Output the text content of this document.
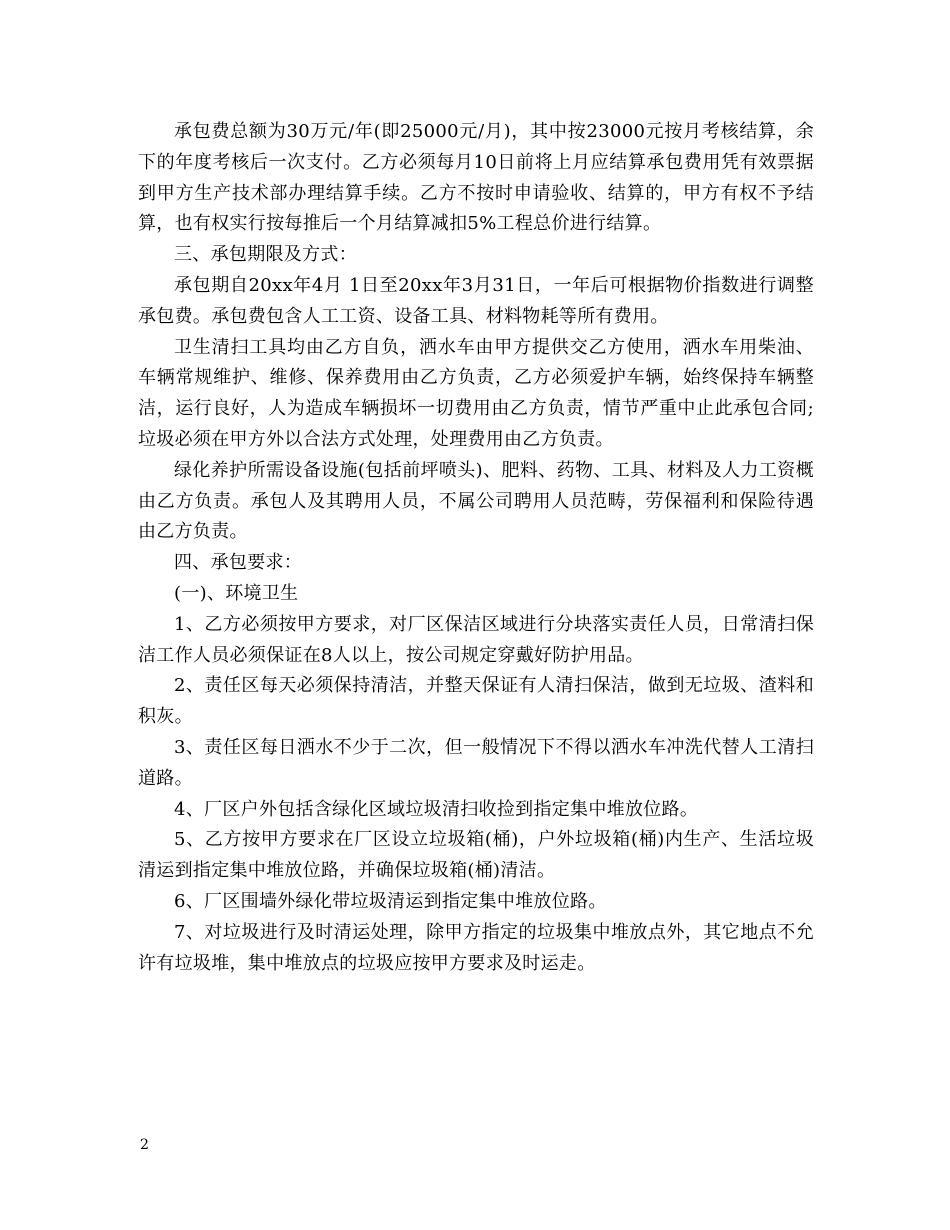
承包费总额为30万元/年(即25000元/月)，其中按23000元按月考核结算，余下的年度考核后一次支付。乙方必须每月10日前将上月应结算承包费用凭有效票据到甲方生产技术部办理结算手续。乙方不按时申请验收、结算的，甲方有权不予结算，也有权实行按每推后一个月结算减扣5%工程总价进行结算。

三、承包期限及方式：

承包期自20xx年4月 1日至20xx年3月31日，一年后可根据物价指数进行调整承包费。承包费包含人工工资、设备工具、材料物耗等所有费用。

卫生清扫工具均由乙方自负，洒水车由甲方提供交乙方使用，洒水车用柴油、车辆常规维护、维修、保养费用由乙方负责，乙方必须爱护车辆，始终保持车辆整洁，运行良好，人为造成车辆损坏一切费用由乙方负责，情节严重中止此承包合同;垃圾必须在甲方外以合法方式处理，处理费用由乙方负责。

绿化养护所需设备设施(包括前坪喷头)、肥料、药物、工具、材料及人力工资概由乙方负责。承包人及其聘用人员，不属公司聘用人员范畴，劳保福利和保险待遇由乙方负责。

四、承包要求：

(一)、环境卫生

1、乙方必须按甲方要求，对厂区保洁区域进行分块落实责任人员，日常清扫保洁工作人员必须保证在8人以上，按公司规定穿戴好防护用品。

2、责任区每天必须保持清洁，并整天保证有人清扫保洁，做到无垃圾、渣料和积灰。

3、责任区每日洒水不少于二次，但一般情况下不得以洒水车冲洗代替人工清扫道路。

4、厂区户外包括含绿化区域垃圾清扫收捡到指定集中堆放位路。

5、乙方按甲方要求在厂区设立垃圾箱(桶)，户外垃圾箱(桶)内生产、生活垃圾清运到指定集中堆放位路，并确保垃圾箱(桶)清洁。

6、厂区围墙外绿化带垃圾清运到指定集中堆放位路。

7、对垃圾进行及时清运处理，除甲方指定的垃圾集中堆放点外，其它地点不允许有垃圾堆，集中堆放点的垃圾应按甲方要求及时运走。

2
